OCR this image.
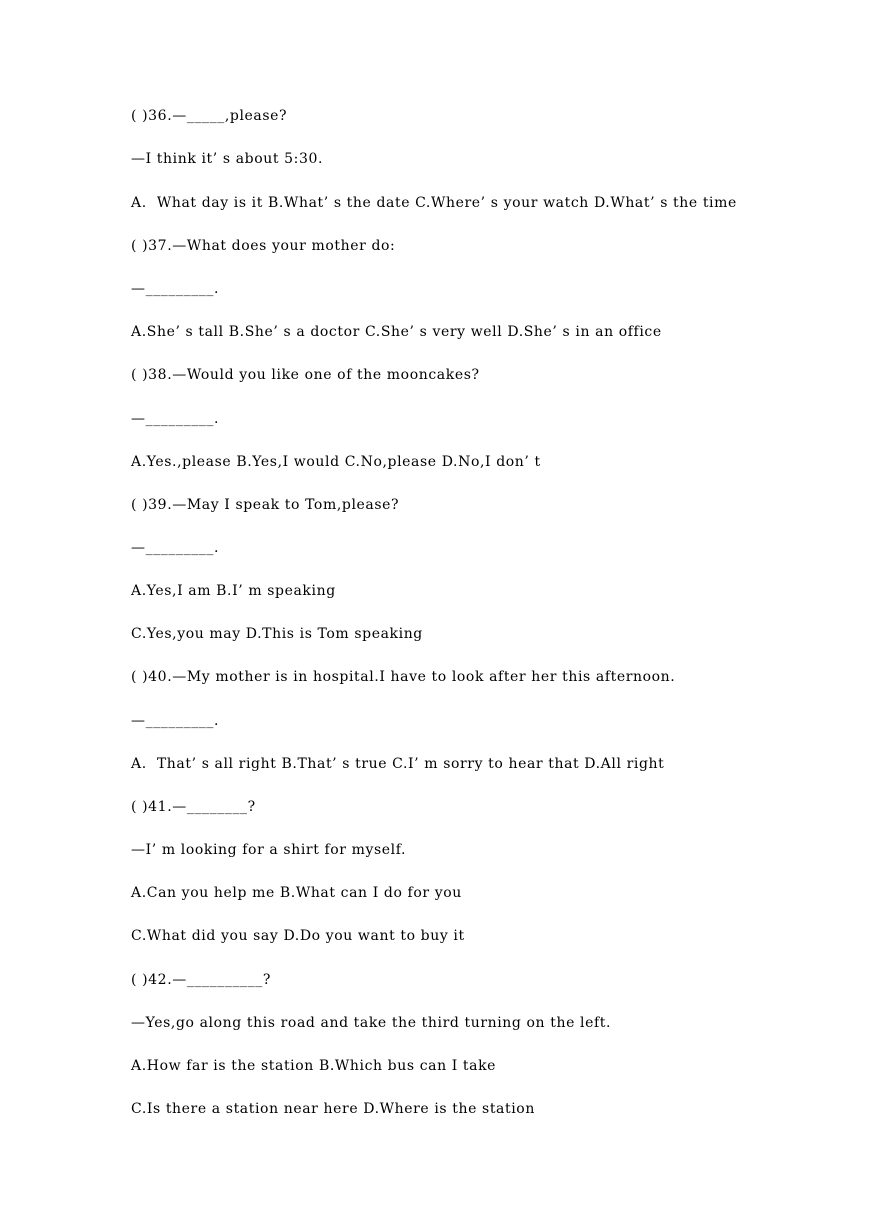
( )36.—_____,please?
—I think it’ s about 5:30.
A.  What day is it B.What’ s the date C.Where’ s your watch D.What’ s the time
( )37.—What does your mother do:
—_________.
A.She’ s tall B.She’ s a doctor C.She’ s very well D.She’ s in an office
( )38.—Would you like one of the mooncakes?
—_________.
A.Yes.,please B.Yes,I would C.No,please D.No,I don’ t
( )39.—May I speak to Tom,please?
—_________.
A.Yes,I am B.I’ m speaking
C.Yes,you may D.This is Tom speaking
( )40.—My mother is in hospital.I have to look after her this afternoon.
—_________.
A.  That’ s all right B.That’ s true C.I’ m sorry to hear that D.All right
( )41.—________?
—I’ m looking for a shirt for myself.
A.Can you help me B.What can I do for you
C.What did you say D.Do you want to buy it
( )42.—__________?
—Yes,go along this road and take the third turning on the left.
A.How far is the station B.Which bus can I take
C.Is there a station near here D.Where is the station
